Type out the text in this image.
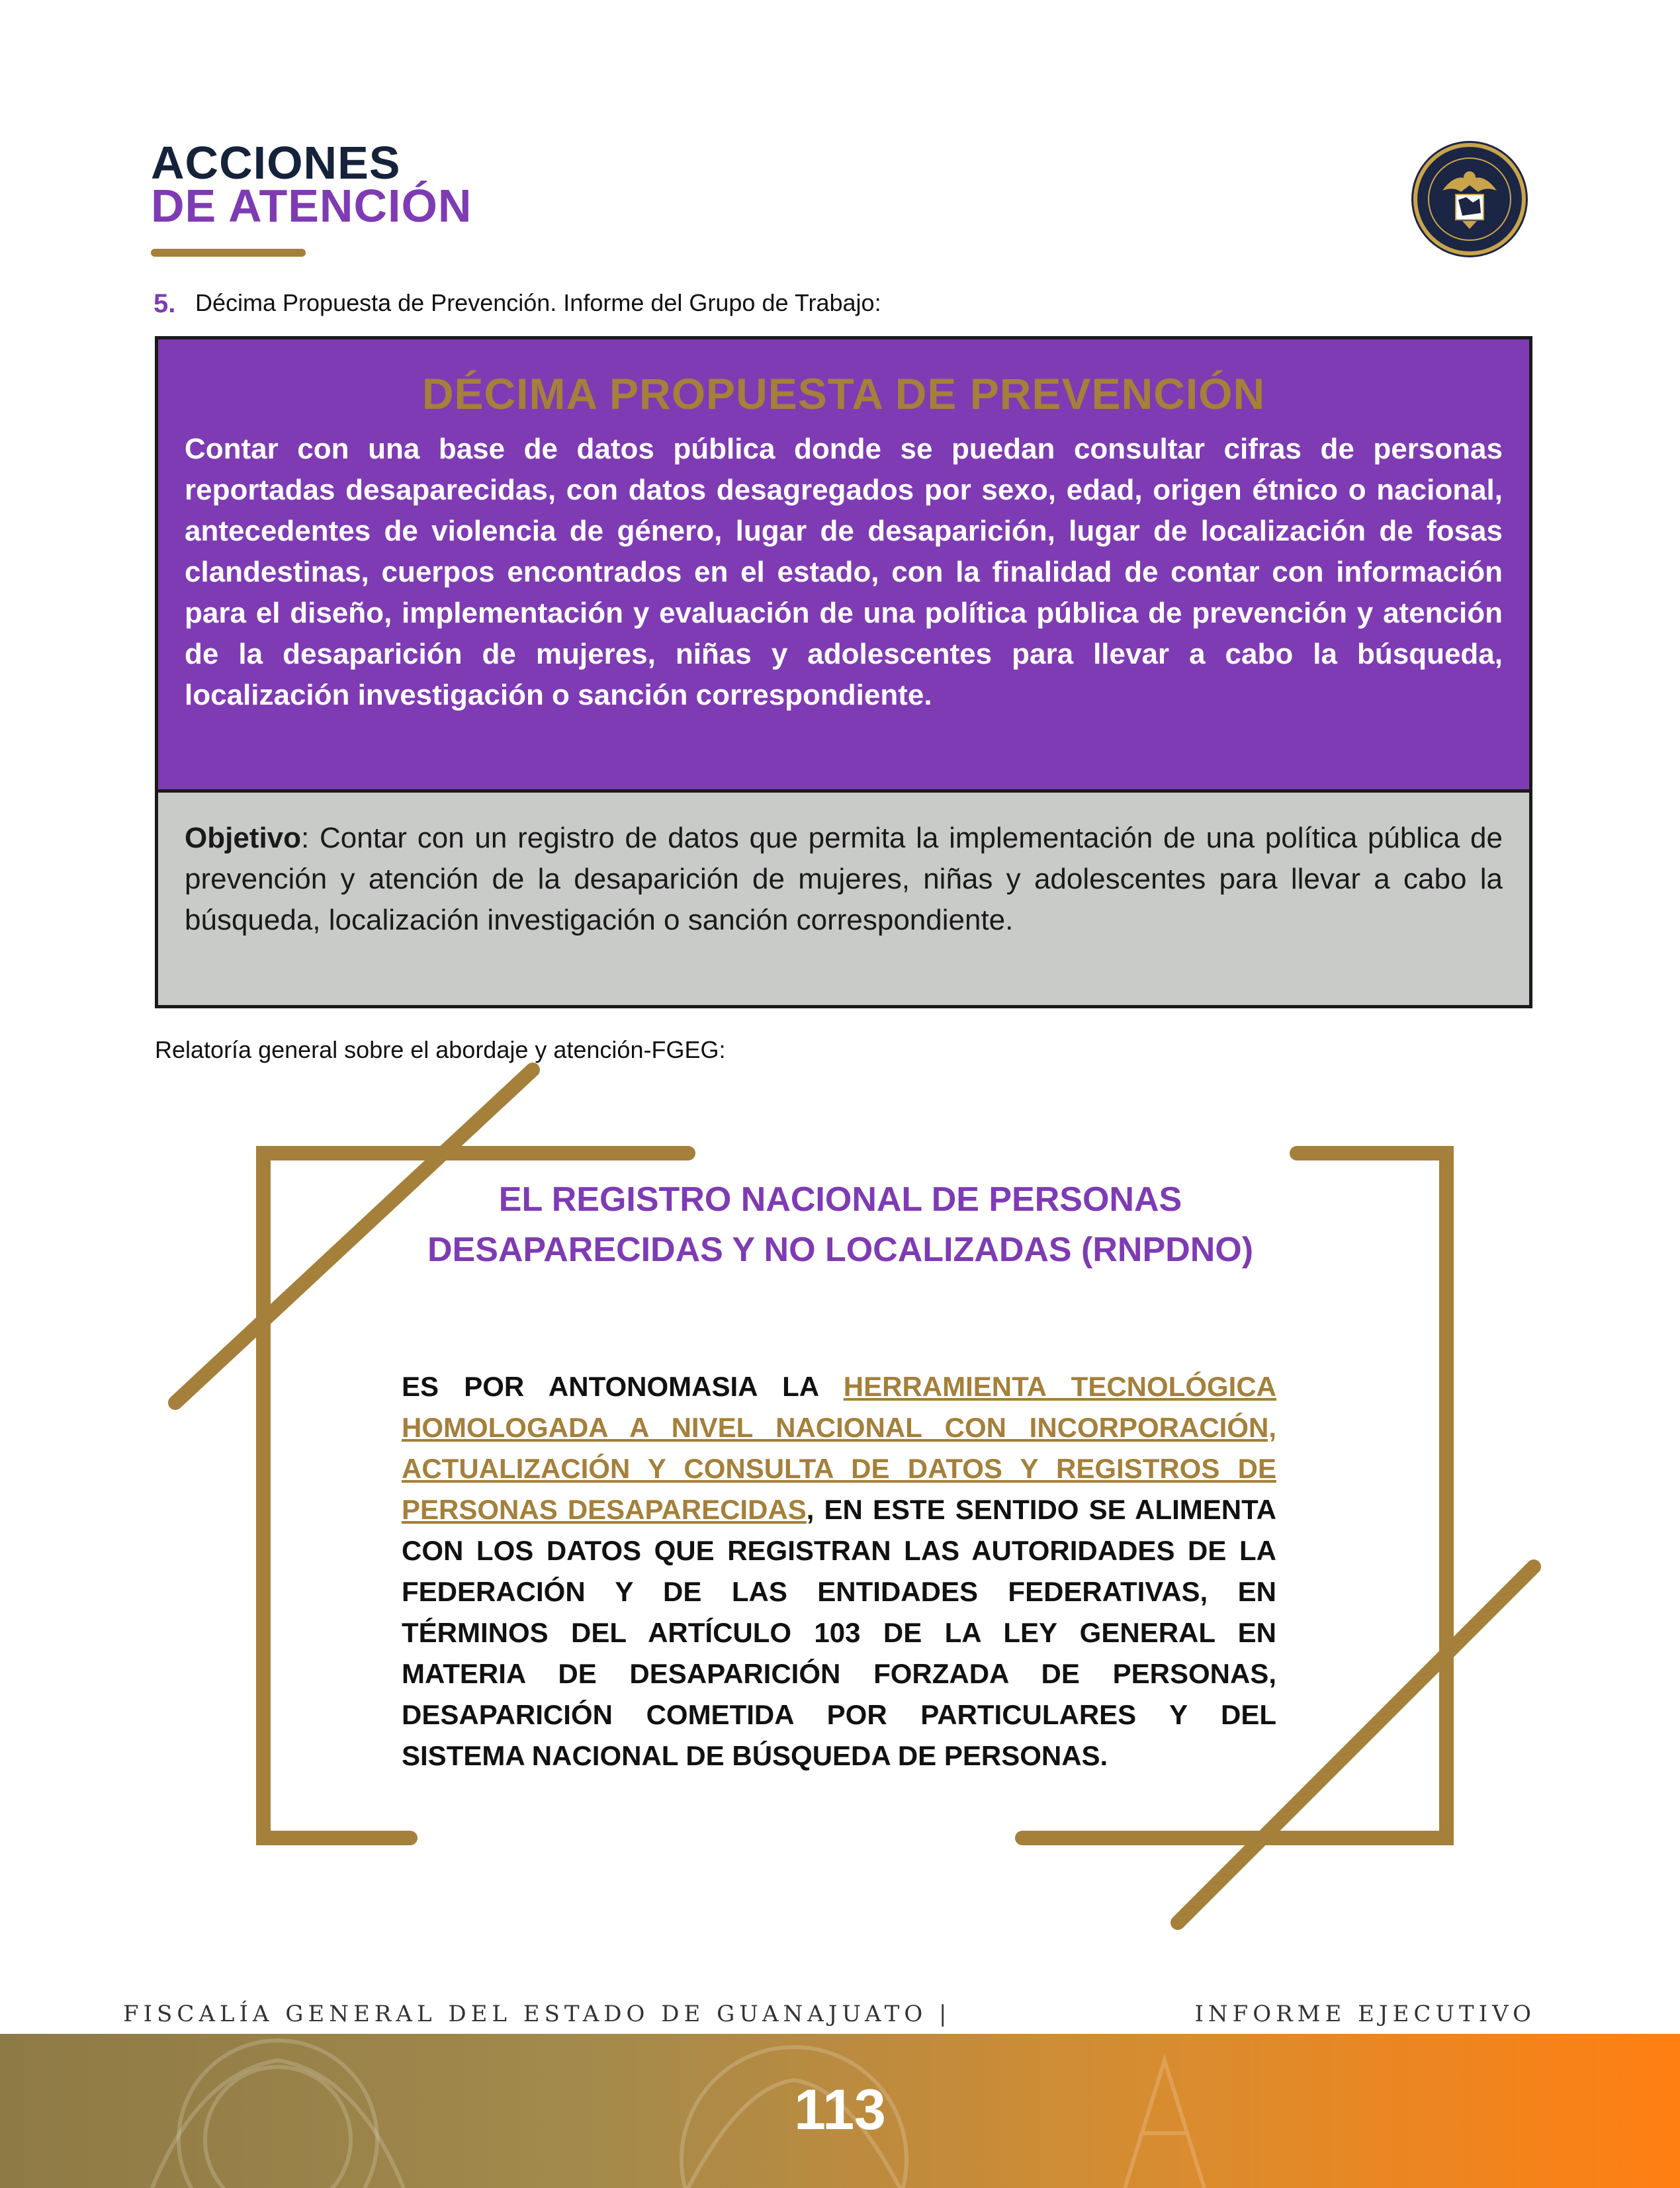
ACCIONES
DE ATENCIÓN
5. Décima Propuesta de Prevención. Informe del Grupo de Trabajo:
DÉCIMA PROPUESTA DE PREVENCIÓN
Contar con una base de datos pública donde se puedan consultar cifras de personas reportadas desaparecidas, con datos desagregados por sexo, edad, origen étnico o nacional, antecedentes de violencia de género, lugar de desaparición, lugar de localización de fosas clandestinas, cuerpos encontrados en el estado, con la finalidad de contar con información para el diseño, implementación y evaluación de una política pública de prevención y atención de la desaparición de mujeres, niñas y adolescentes para llevar a cabo la búsqueda, localización investigación o sanción correspondiente.
Objetivo: Contar con un registro de datos que permita la implementación de una política pública de prevención y atención de la desaparición de mujeres, niñas y adolescentes para llevar a cabo la búsqueda, localización investigación o sanción correspondiente.
Relatoría general sobre el abordaje y atención-FGEG:
EL REGISTRO NACIONAL DE PERSONAS DESAPARECIDAS Y NO LOCALIZADAS (RNPDNO)
ES POR ANTONOMASIA LA HERRAMIENTA TECNOLÓGICA HOMOLOGADA A NIVEL NACIONAL CON INCORPORACIÓN, ACTUALIZACIÓN Y CONSULTA DE DATOS Y REGISTROS DE PERSONAS DESAPARECIDAS, EN ESTE SENTIDO SE ALIMENTA CON LOS DATOS QUE REGISTRAN LAS AUTORIDADES DE LA FEDERACIÓN Y DE LAS ENTIDADES FEDERATIVAS, EN TÉRMINOS DEL ARTÍCULO 103 DE LA LEY GENERAL EN MATERIA DE DESAPARICIÓN FORZADA DE PERSONAS, DESAPARICIÓN COMETIDA POR PARTICULARES Y DEL SISTEMA NACIONAL DE BÚSQUEDA DE PERSONAS.
FISCALÍA GENERAL DEL ESTADO DE GUANAJUATO |	INFORME EJECUTIVO
113
